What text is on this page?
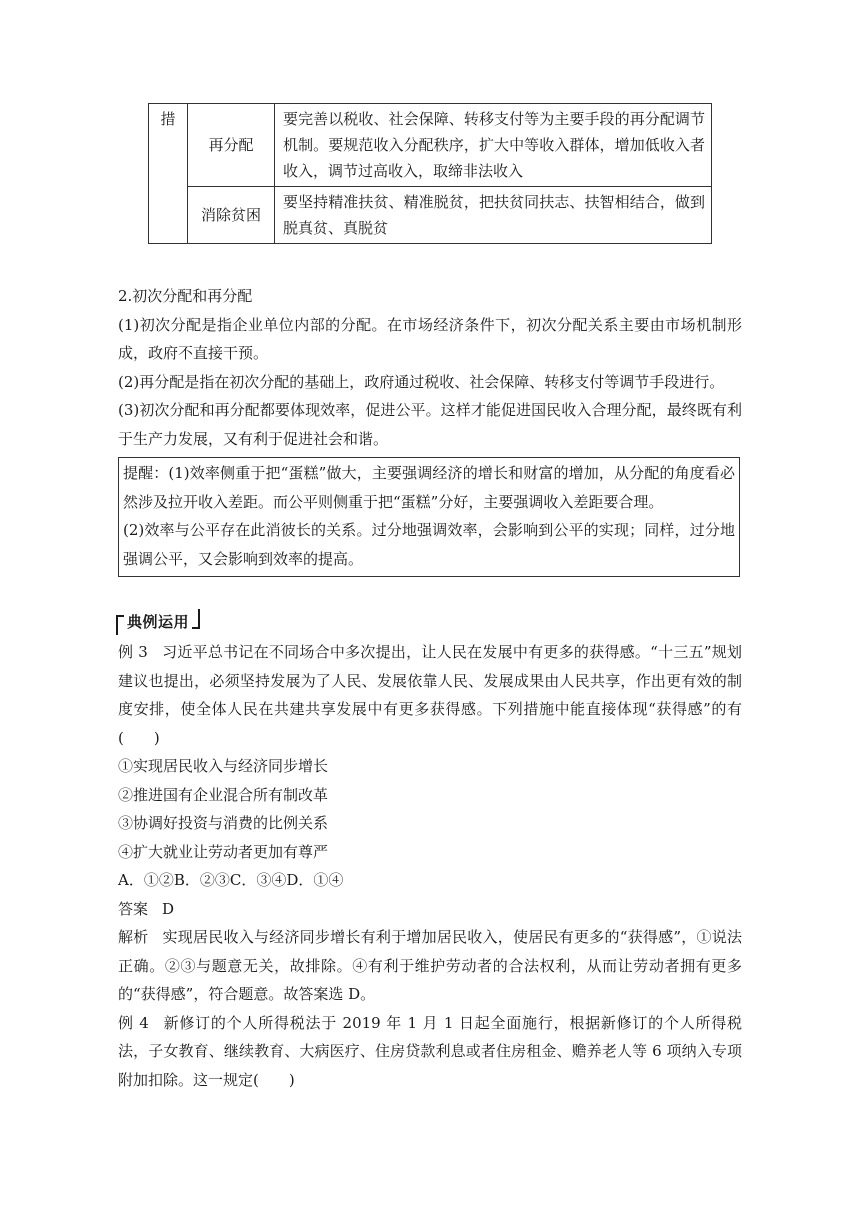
措	再分配	要完善以税收、社会保障、转移支付等为主要手段的再分配调节机制。要规范收入分配秩序，扩大中等收入群体，增加低收入者收入，调节过高收入，取缔非法收入
	消除贫困	要坚持精准扶贫、精准脱贫，把扶贫同扶志、扶智相结合，做到脱真贫、真脱贫

2.初次分配和再分配

(1)初次分配是指企业单位内部的分配。在市场经济条件下，初次分配关系主要由市场机制形成，政府不直接干预。

(2)再分配是指在初次分配的基础上，政府通过税收、社会保障、转移支付等调节手段进行。

(3)初次分配和再分配都要体现效率，促进公平。这样才能促进国民收入合理分配，最终既有利于生产力发展，又有利于促进社会和谐。

提醒：(1)效率侧重于把“蛋糕”做大，主要强调经济的增长和财富的增加，从分配的角度看必然涉及拉开收入差距。而公平则侧重于把“蛋糕”分好，主要强调收入差距要合理。

(2)效率与公平存在此消彼长的关系。过分地强调效率，会影响到公平的实现；同样，过分地强调公平，又会影响到效率的提高。

典例运用

例 3 习近平总书记在不同场合中多次提出，让人民在发展中有更多的获得感。“十三五”规划建议也提出，必须坚持发展为了人民、发展依靠人民、发展成果由人民共享，作出更有效的制度安排，使全体人民在共建共享发展中有更多获得感。下列措施中能直接体现“获得感”的有(　　)

①实现居民收入与经济同步增长

②推进国有企业混合所有制改革

③协调好投资与消费的比例关系

④扩大就业让劳动者更加有尊严

A．①②B．②③C．③④D．①④

答案 D

解析 实现居民收入与经济同步增长有利于增加居民收入，使居民有更多的“获得感”，①说法正确。②③与题意无关，故排除。④有利于维护劳动者的合法权利，从而让劳动者拥有更多的“获得感”，符合题意。故答案选 D。

例 4 新修订的个人所得税法于 2019 年 1 月 1 日起全面施行，根据新修订的个人所得税法，子女教育、继续教育、大病医疗、住房贷款利息或者住房租金、赡养老人等 6 项纳入专项附加扣除。这一规定(　　)
